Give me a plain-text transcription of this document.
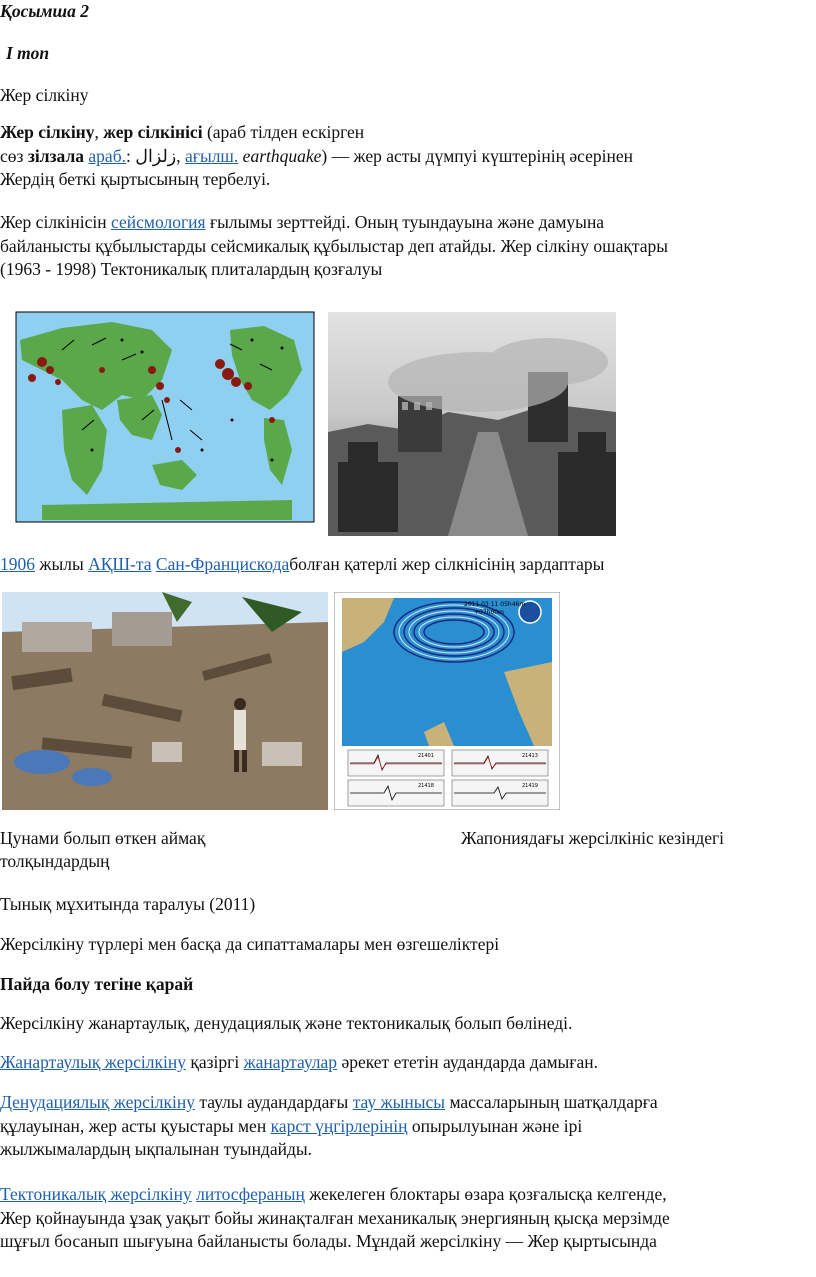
Қосымша 2

I топ

Жер сілкіну

Жер сілкіну, жер сілкінісі (араб тілден ескірген

сөз зілзала араб.: زلزال, ағылш. earthquake) — жер асты дүмпуі күштерінің әсерінен

Жердің беткі қыртысының тербелуі.

Жер сілкінісін сейсмология ғылымы зерттейді. Оның туындауына және дамуына

байланысты құбылыстарды сейсмикалық құбылыстар деп атайды. Жер сілкіну ошақтары

(1963 - 1998) Тектоникалық плиталардың қозғалуы

1906 жылы АҚШ-та Сан-Францискодаболған қатерлі жер сілкнісінің зардаптары

2011 03 11 05h46m
+07h00m
21401	21413
21418	21419

Цунами болып өткен аймақ	Жапониядағы жерсілкініс кезіндегі

толқындардың

Тынық мұхитында таралуы (2011)

Жерсілкіну түрлері мен басқа да сипаттамалары мен өзгешеліктері

Пайда болу тегіне қарай

Жерсілкіну жанартаулық, денудациялық және тектоникалық болып бөлінеді.

Жанартаулық жерсілкіну қазіргі жанартаулар әрекет ететін аудандарда дамыған.

Денудациялық жерсілкіну таулы аудандардағы тау жынысы массаларының шатқалдарға

құлауынан, жер асты қуыстары мен карст үңгірлерінің опырылуынан және ірі

жылжымалардың ықпалынан туындайды.

Тектоникалық жерсілкіну литосфераның жекелеген блоктары өзара қозғалысқа келгенде,

Жер қойнауында ұзақ уақыт бойы жинақталған механикалық энергияның қысқа мерзімде

шұғыл босанып шығуына байланысты болады. Мұндай жерсілкіну — Жер қыртысында
